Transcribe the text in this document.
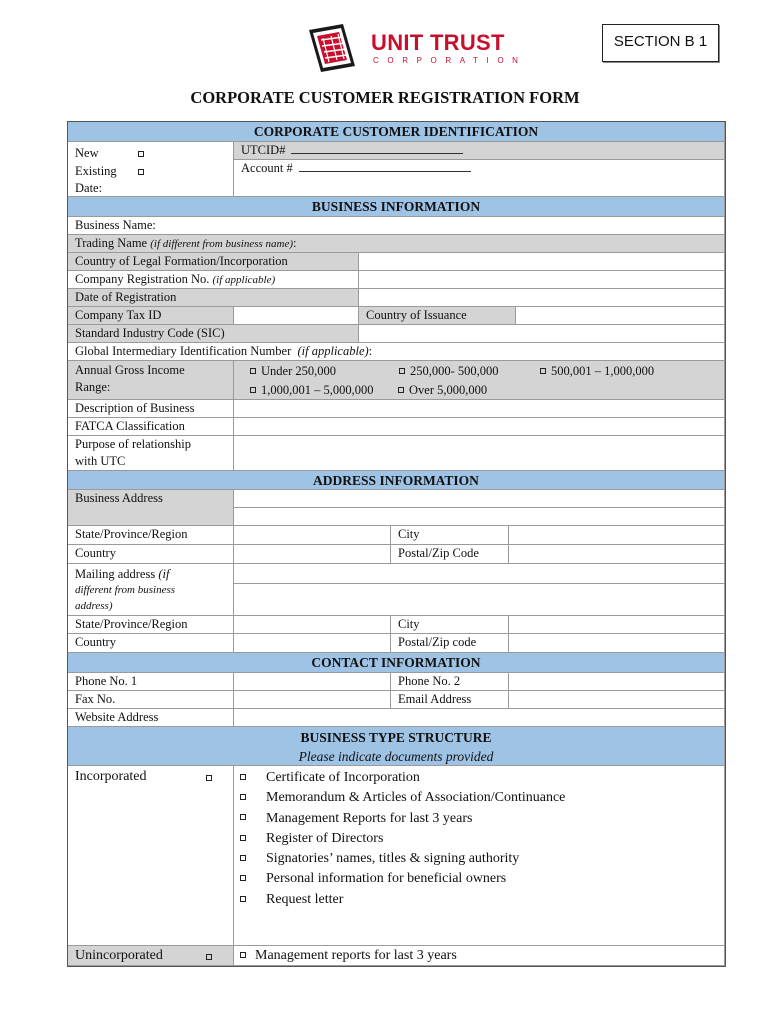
UNIT TRUST
CORPORATION
SECTION B 1
CORPORATE CUSTOMER REGISTRATION FORM
CORPORATE CUSTOMER IDENTIFICATION
New
Existing
Date:
UTCID#
Account #
BUSINESS INFORMATION
Business Name:
Trading Name (if different from business name):
Country of Legal Formation/Incorporation
Company Registration No. (if applicable)
Date of Registration
Company Tax ID	Country of Issuance
Standard Industry Code (SIC)
Global Intermediary Identification Number (if applicable):
Annual Gross Income
Range:
Under 250,000	250,000- 500,000	500,001 – 1,000,000
1,000,001 – 5,000,000	Over 5,000,000
Description of Business
FATCA Classification
Purpose of relationship
with UTC
ADDRESS INFORMATION
Business Address
State/Province/Region	City
Country	Postal/Zip Code
Mailing address (if
different from business
address)
State/Province/Region	City
Country	Postal/Zip code
CONTACT INFORMATION
Phone No. 1	Phone No. 2
Fax No.	Email Address
Website Address
BUSINESS TYPE STRUCTURE
Please indicate documents provided
Incorporated	Certificate of Incorporation
Memorandum & Articles of Association/Continuance
Management Reports for last 3 years
Register of Directors
Signatories’ names, titles & signing authority
Personal information for beneficial owners
Request letter
Unincorporated	Management reports for last 3 years
